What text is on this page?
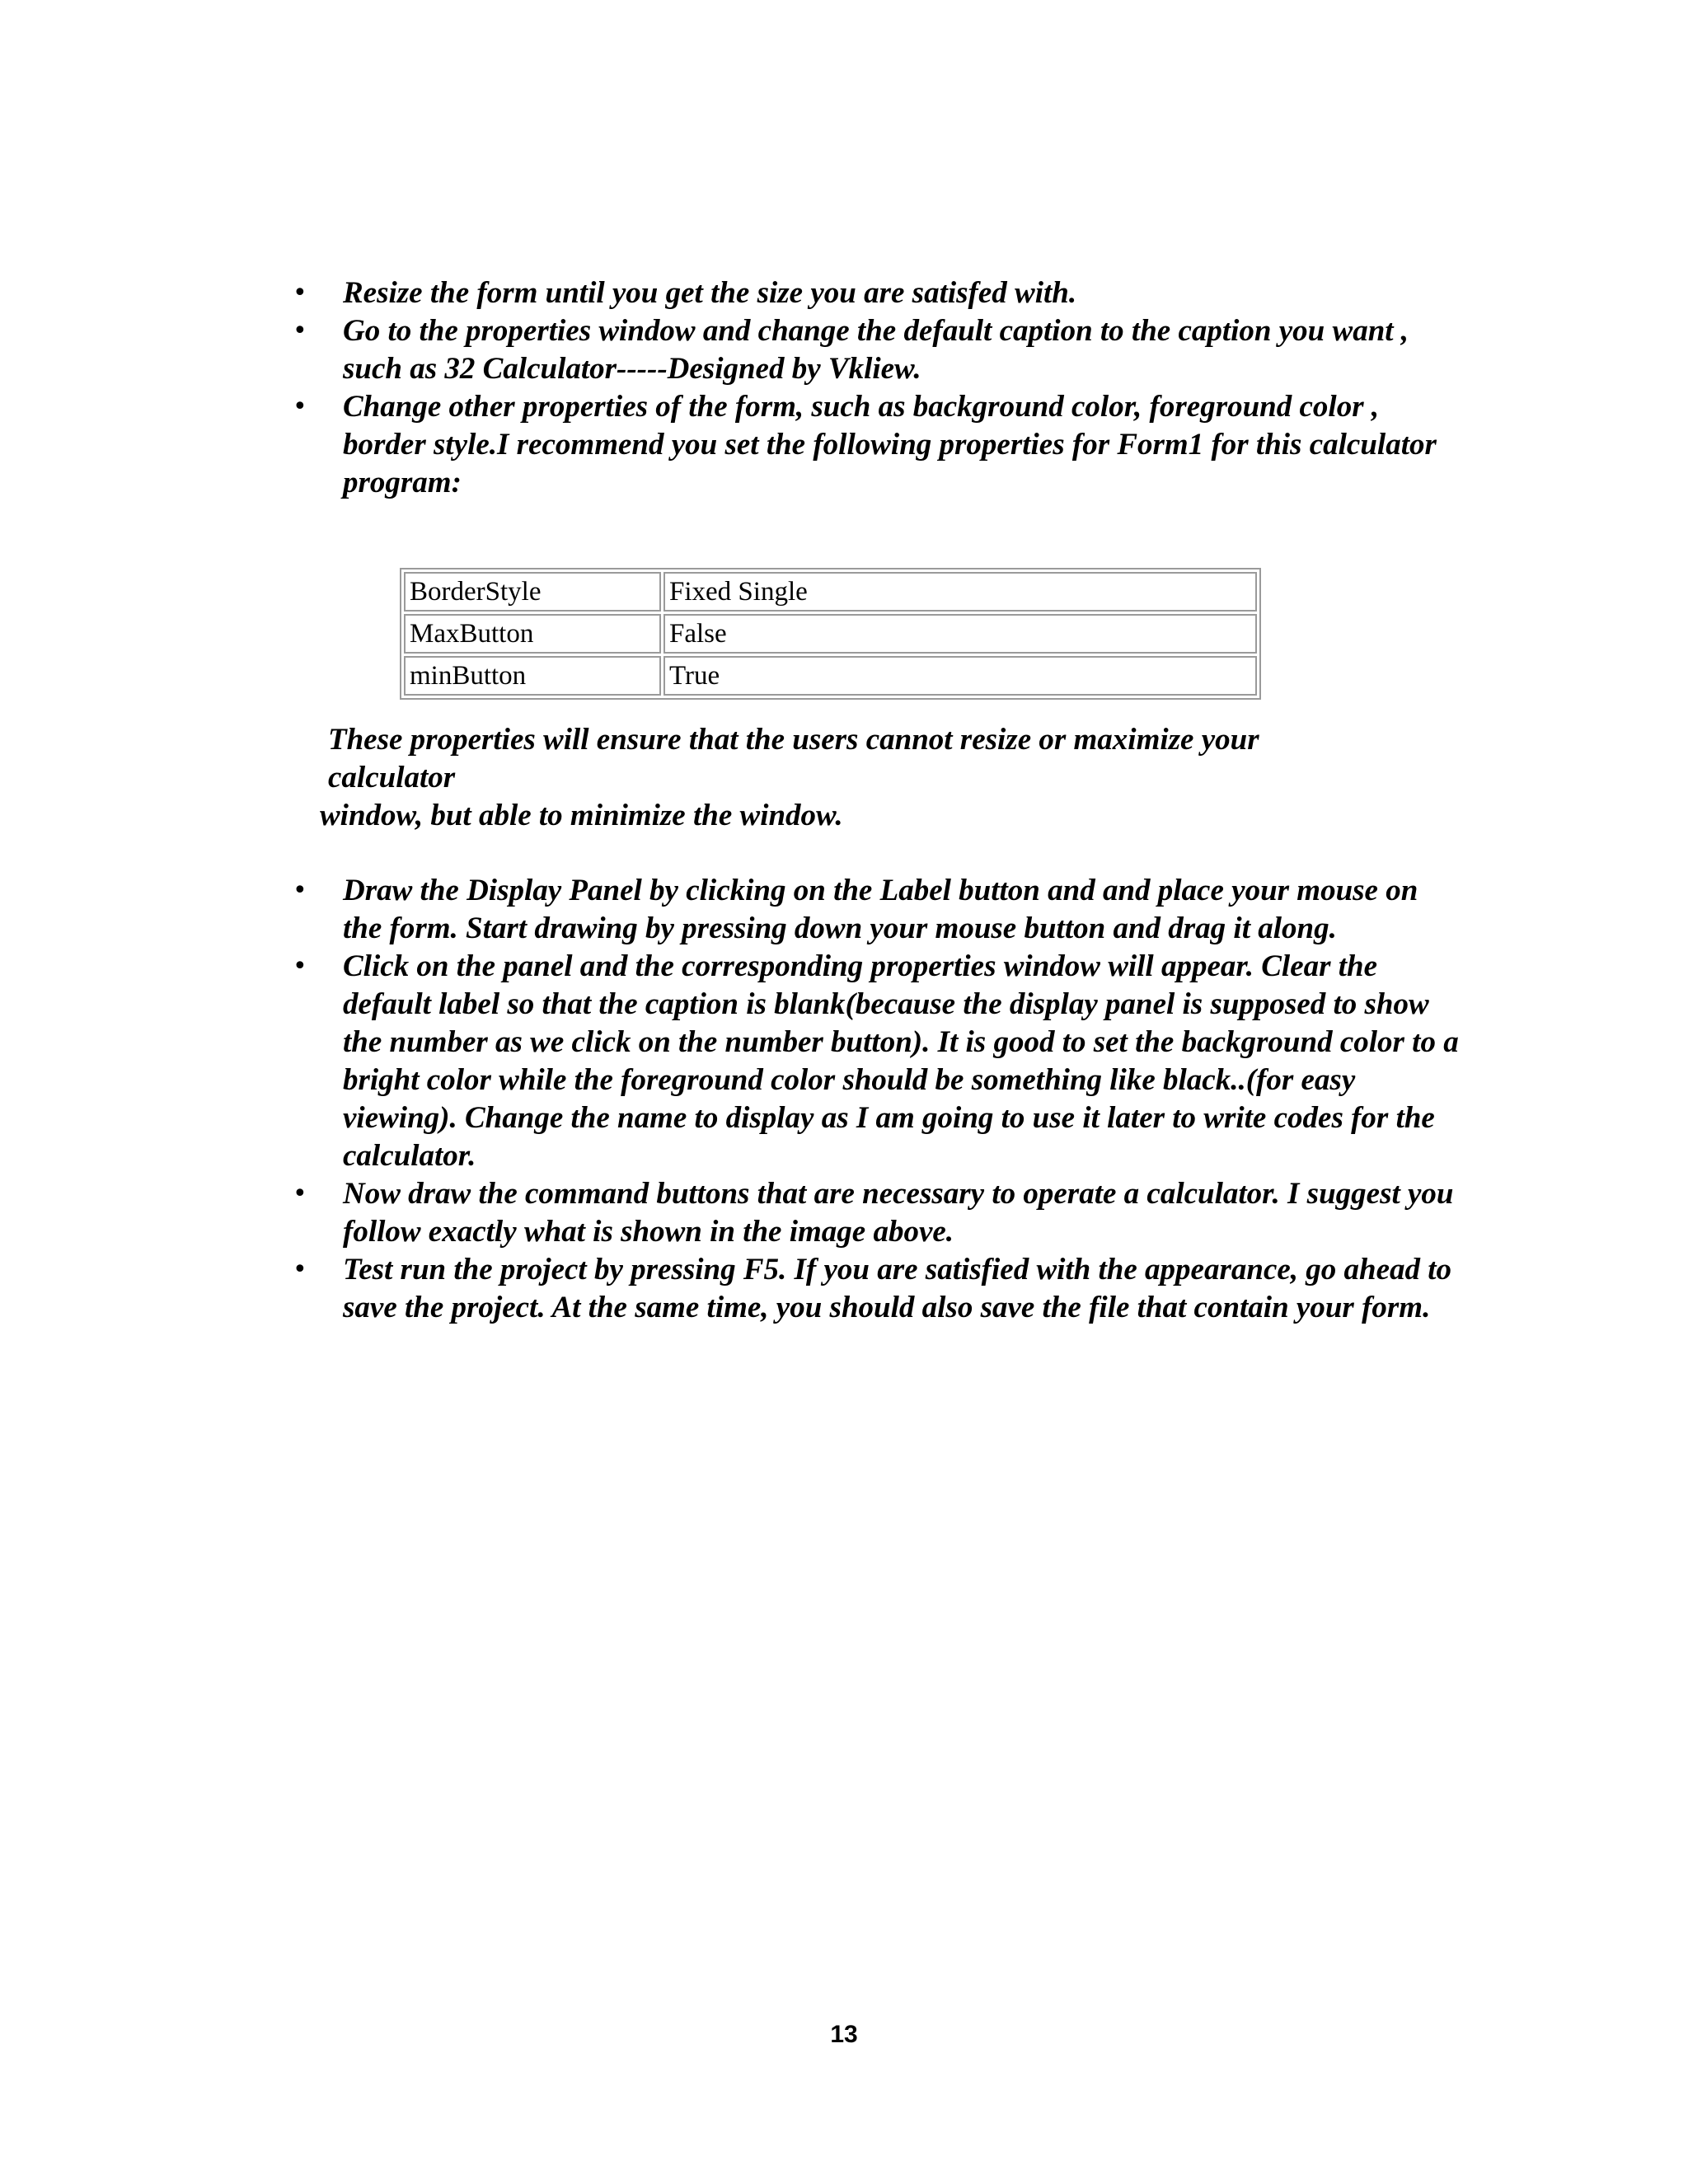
• Resize the form until you get the size you are satisfed with.
• Go to the properties window and change the default caption to the caption you want , such as 32 Calculator-----Designed by Vkliew.
• Change other properties of the form, such as background color, foreground color , border style.I recommend you set the following properties for Form1 for this calculator program:
BorderStyle	Fixed Single
MaxButton	False
minButton	True

These properties will ensure that the users cannot resize or maximize your

calculator

window, but able to minimize the window.

• Draw the Display Panel by clicking on the Label button and and place your mouse on the form. Start drawing by pressing down your mouse button and drag it along.
• Click on the panel and the corresponding properties window will appear. Clear the default label so that the caption is blank(because the display panel is supposed to show the number as we click on the number button). It is good to set the background color to a bright color while the foreground color should be something like black..(for easy viewing). Change the name to display as I am going to use it later to write codes for the calculator.
• Now draw the command buttons that are necessary to operate a calculator. I suggest you follow exactly what is shown in the image above.
• Test run the project by pressing F5. If you are satisfied with the appearance, go ahead to save the project. At the same time, you should also save the file that contain your form.
13
